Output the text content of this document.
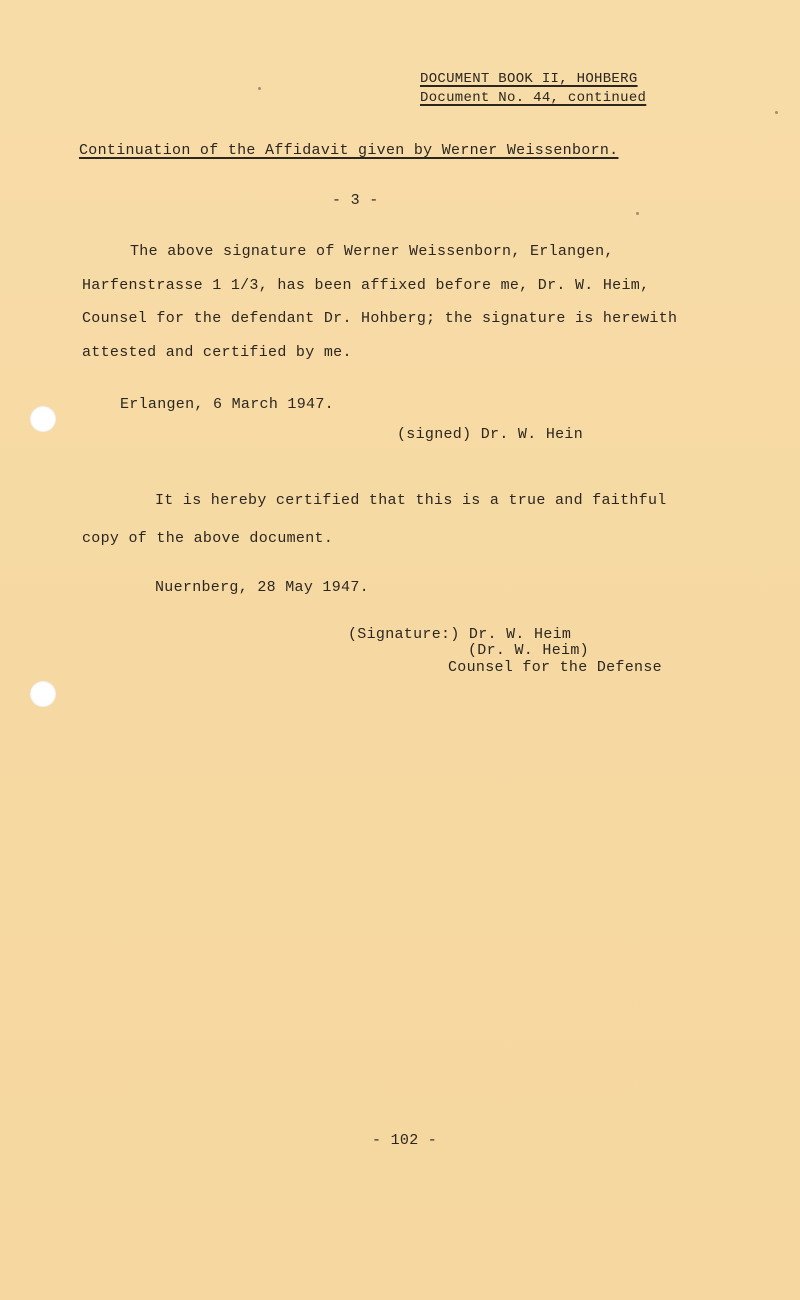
DOCUMENT BOOK II, HOHBERG
Document No. 44, continued
Continuation of the Affidavit given by Werner Weissenborn.
- 3 -
The above signature of Werner Weissenborn, Erlangen,
Harfenstrasse 1 1/3, has been affixed before me, Dr. W. Heim,
Counsel for the defendant Dr. Hohberg; the signature is herewith
attested and certified by me.
Erlangen, 6 March 1947.
(signed) Dr. W. Hein
It is hereby certified that this is a true and faithful
copy of the above document.
Nuernberg, 28 May 1947.
(Signature:) Dr. W. Heim
(Dr. W. Heim)
Counsel for the Defense
- 102 -
